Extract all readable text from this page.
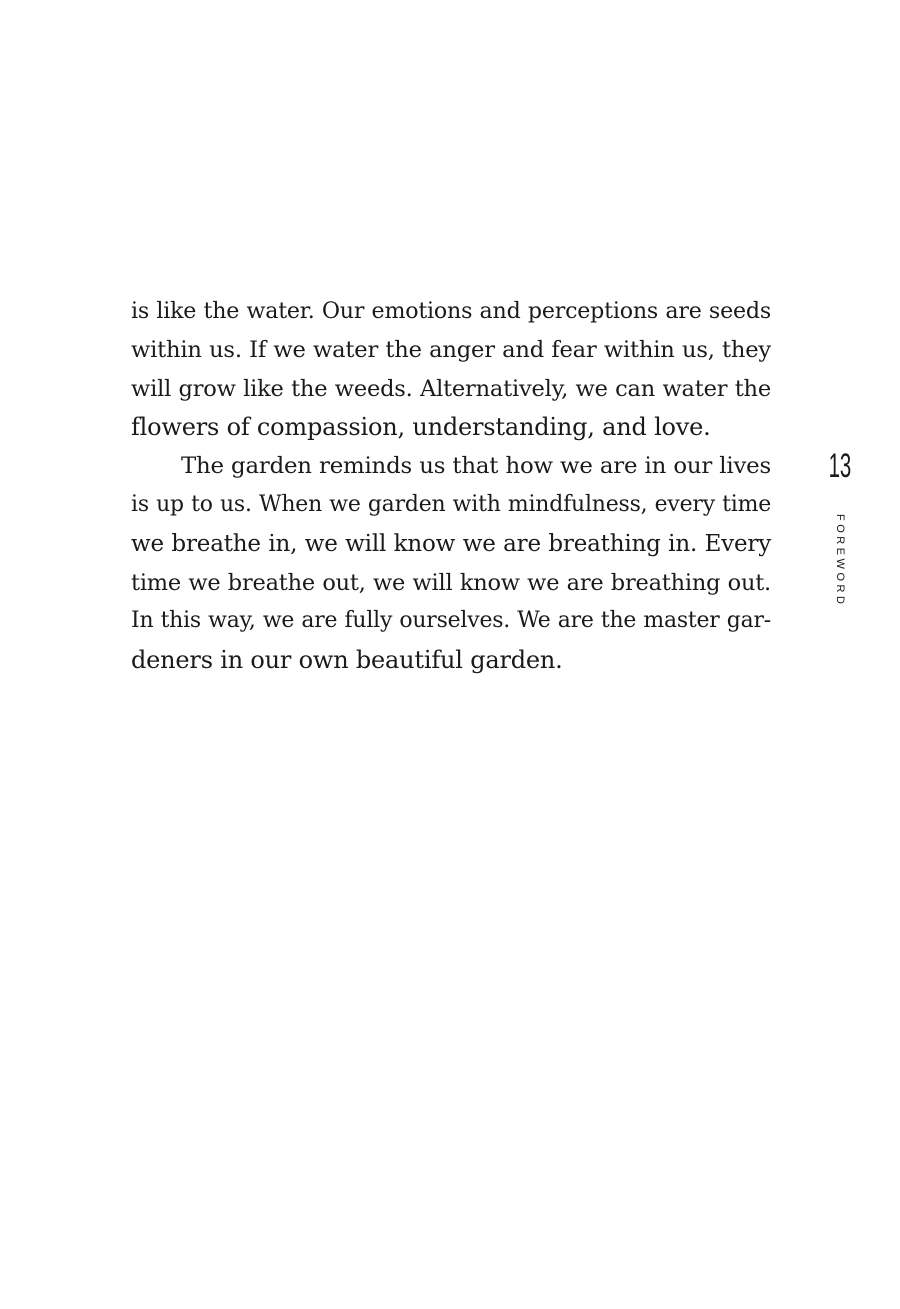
is like the water. Our emotions and perceptions are seeds
within us. If we water the anger and fear within us, they
will grow like the weeds. Alternatively, we can water the
flowers of compassion, understanding, and love.
The garden reminds us that how we are in our lives
is up to us. When we garden with mindfulness, every time
we breathe in, we will know we are breathing in. Every
time we breathe out, we will know we are breathing out.
In this way, we are fully ourselves. We are the master gar-
deners in our own beautiful garden.
13
FOREWORD
